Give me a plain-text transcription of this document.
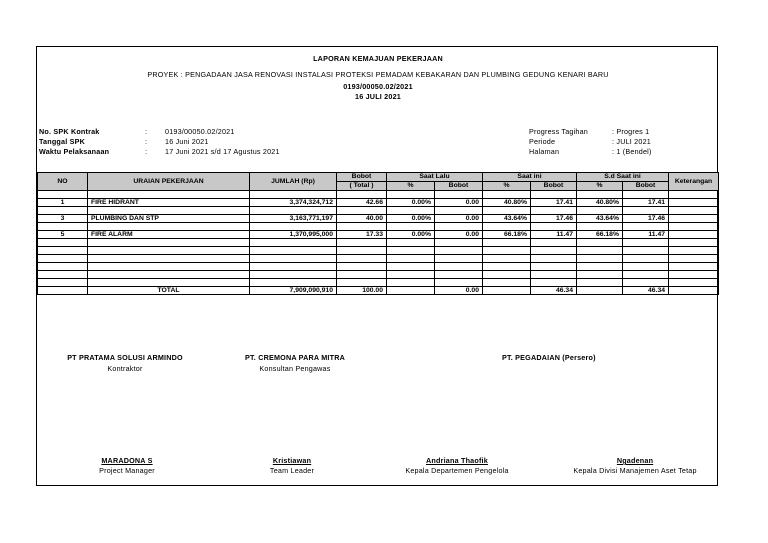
LAPORAN KEMAJUAN PEKERJAAN
PROYEK : PENGADAAN JASA RENOVASI INSTALASI PROTEKSI PEMADAM KEBAKARAN DAN PLUMBING GEDUNG KENARI BARU
0193/00050.02/2021
16 JULI 2021
No. SPK Kontrak	: 0193/00050.02/2021
Tanggal SPK	: 16 Juni 2021
Waktu Pelaksanaan	: 17 Juni 2021 s/d 17 Agustus 2021
Progress Tagihan	: Progres 1
Periode	: JULI 2021
Halaman	: 1 (Bendel)
NO	URAIAN PEKERJAAN	JUMLAH (Rp)	Bobot	Saat Lalu		Saat ini		S.d Saat ini		Keterangan
			( Total )	%	Bobot	%	Bobot	%	Bobot	

1	FIRE HIDRANT	3,374,324,712	42.66	0.00%	0.00	40.80%	17.41	40.80%	17.41	

3	PLUMBING DAN STP	3,163,771,197	40.00	0.00%	0.00	43.64%	17.46	43.64%	17.46	

5	FIRE ALARM	1,370,995,000	17.33	0.00%	0.00	66.18%	11.47	66.18%	11.47	

	TOTAL	7,909,090,910	100.00		0.00		46.34		46.34	
PT PRATAMA SOLUSI ARMINDO
Kontraktor
PT. CREMONA PARA MITRA
Konsultan Pengawas
PT. PEGADAIAN (Persero)
MARADONA S
Project Manager
Kristiawan
Team Leader
Andriana Thaofik
Kepala Departemen Pengelola
Ngadenan
Kepala Divisi Manajemen Aset Tetap
